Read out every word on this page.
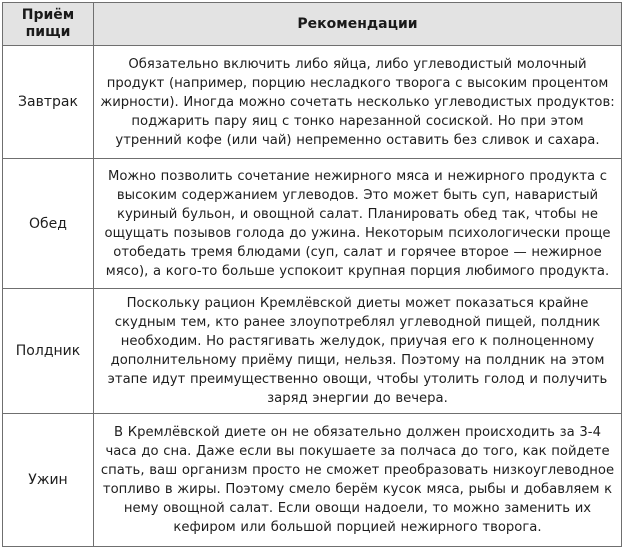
Приём
пищи	Рекомендации
Завтрак	Обязательно включить либо яйца, либо углеводистый молочный продукт (например, порцию несладкого творога с высоким процентом жирности). Иногда можно сочетать несколько углеводистых продуктов: поджарить пару яиц с тонко нарезанной сосиской. Но при этом утренний кофе (или чай) непременно оставить без сливок и сахара.
Обед	Можно позволить сочетание нежирного мяса и нежирного продукта с высоким содержанием углеводов. Это может быть суп, наваристый куриный бульон, и овощной салат. Планировать обед так, чтобы не ощущать позывов голода до ужина. Некоторым психологически проще отобедать тремя блюдами (суп, салат и горячее второе — нежирное мясо), а кого-то больше успокоит крупная порция любимого продукта.
Полдник	Поскольку рацион Кремлёвской диеты может показаться крайне скудным тем, кто ранее злоупотреблял углеводной пищей, полдник необходим. Но растягивать желудок, приучая его к полноценному дополнительному приёму пищи, нельзя. Поэтому на полдник на этом этапе идут преимущественно овощи, чтобы утолить голод и получить заряд энергии до вечера.
Ужин	В Кремлёвской диете он не обязательно должен происходить за 3-4 часа до сна. Даже если вы покушаете за полчаса до того, как пойдете спать, ваш организм просто не сможет преобразовать низкоуглеводное топливо в жиры. Поэтому смело берём кусок мяса, рыбы и добавляем к нему овощной салат. Если овощи надоели, то можно заменить их кефиром или большой порцией нежирного творога.
